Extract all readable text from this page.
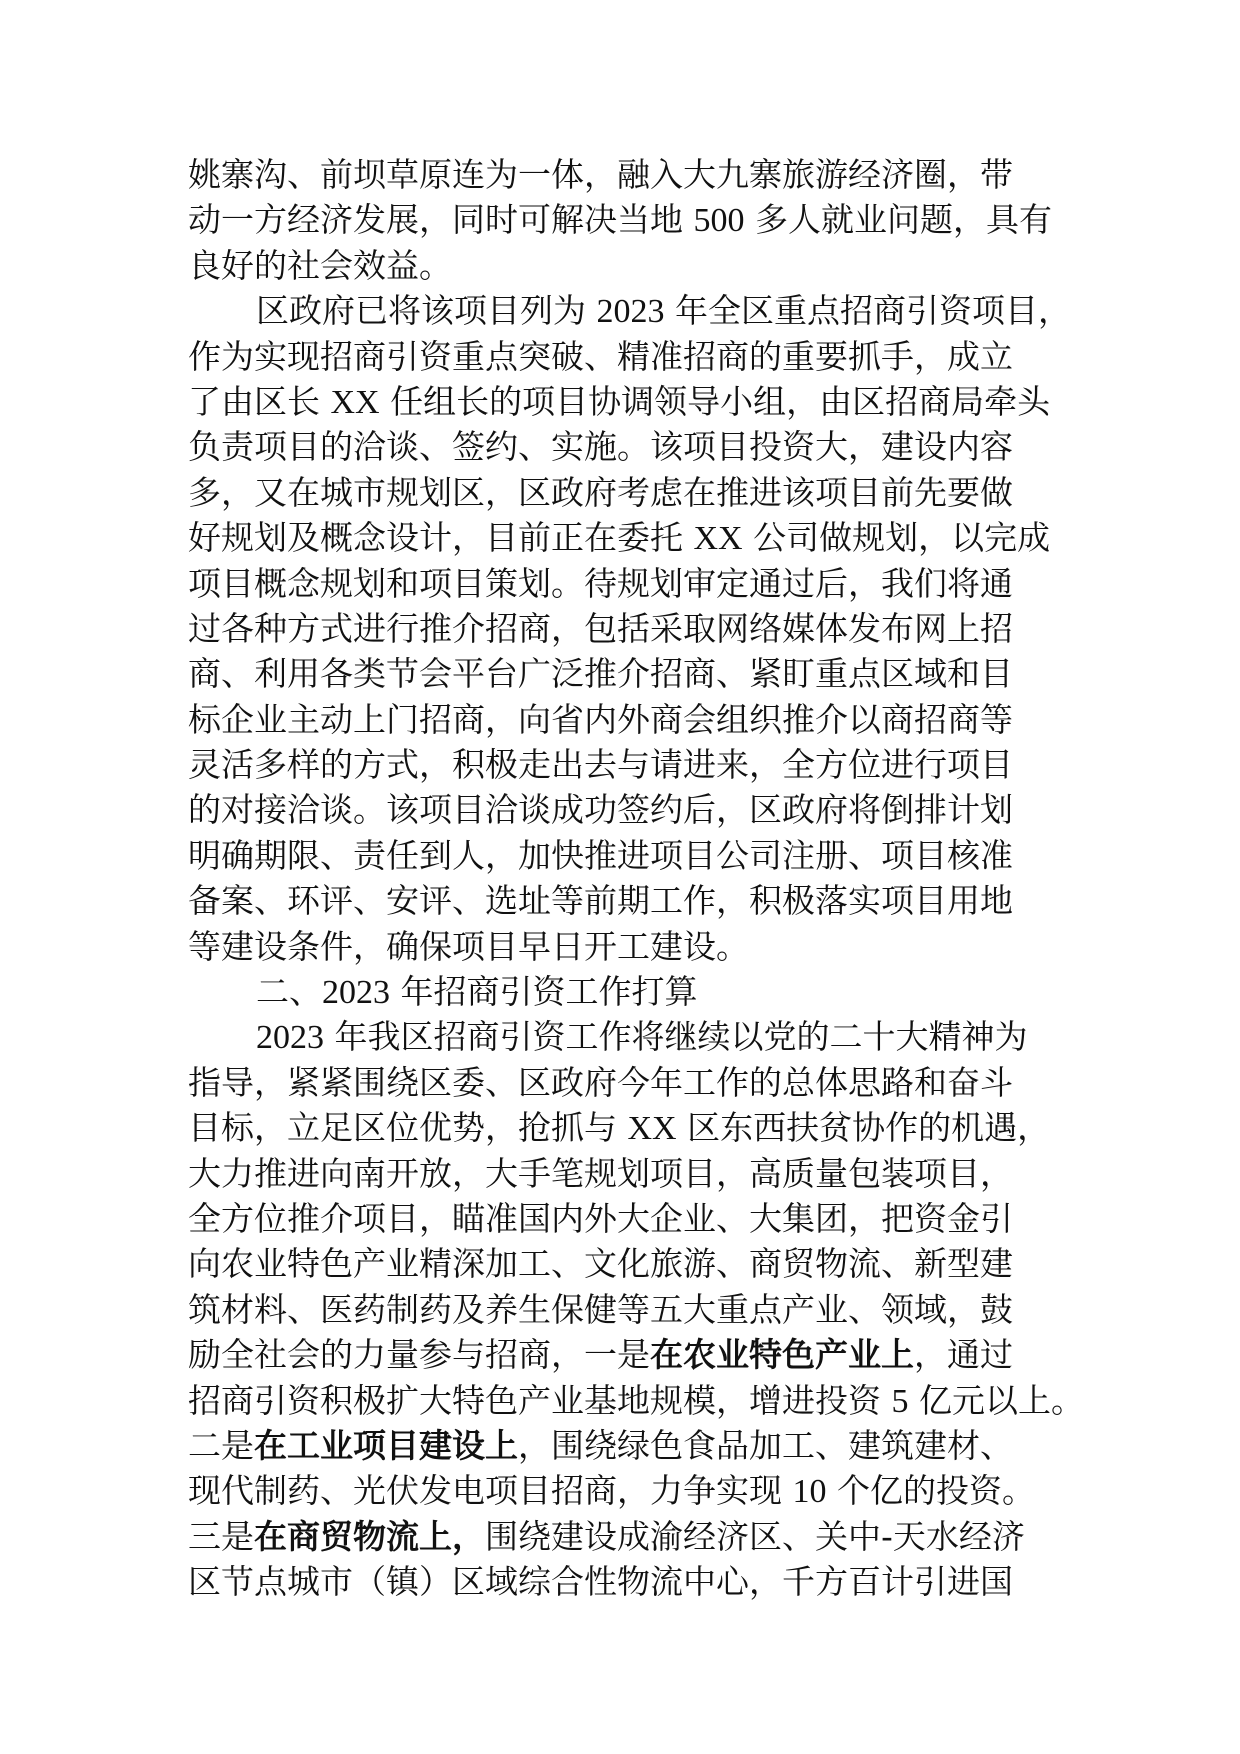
姚寨沟、前坝草原连为一体，融入大九寨旅游经济圈，带
动一方经济发展，同时可解决当地 500 多人就业问题，具有
良好的社会效益。
区政府已将该项目列为 2023 年全区重点招商引资项目，
作为实现招商引资重点突破、精准招商的重要抓手，成立
了由区长 XX 任组长的项目协调领导小组，由区招商局牵头
负责项目的洽谈、签约、实施。该项目投资大，建设内容
多，又在城市规划区，区政府考虑在推进该项目前先要做
好规划及概念设计，目前正在委托 XX 公司做规划，以完成
项目概念规划和项目策划。待规划审定通过后，我们将通
过各种方式进行推介招商，包括采取网络媒体发布网上招
商、利用各类节会平台广泛推介招商、紧盯重点区域和目
标企业主动上门招商，向省内外商会组织推介以商招商等
灵活多样的方式，积极走出去与请进来，全方位进行项目
的对接洽谈。该项目洽谈成功签约后，区政府将倒排计划
明确期限、责任到人，加快推进项目公司注册、项目核准
备案、环评、安评、选址等前期工作，积极落实项目用地
等建设条件，确保项目早日开工建设。
二、2023 年招商引资工作打算
2023 年我区招商引资工作将继续以党的二十大精神为
指导，紧紧围绕区委、区政府今年工作的总体思路和奋斗
目标，立足区位优势，抢抓与 XX 区东西扶贫协作的机遇，
大力推进向南开放，大手笔规划项目，高质量包装项目，
全方位推介项目，瞄准国内外大企业、大集团，把资金引
向农业特色产业精深加工、文化旅游、商贸物流、新型建
筑材料、医药制药及养生保健等五大重点产业、领域，鼓
励全社会的力量参与招商，一是在农业特色产业上，通过
招商引资积极扩大特色产业基地规模，增进投资 5 亿元以上。
二是在工业项目建设上，围绕绿色食品加工、建筑建材、
现代制药、光伏发电项目招商，力争实现 10 个亿的投资。
三是在商贸物流上，围绕建设成渝经济区、关中-天水经济
区节点城市（镇）区域综合性物流中心，千方百计引进国
